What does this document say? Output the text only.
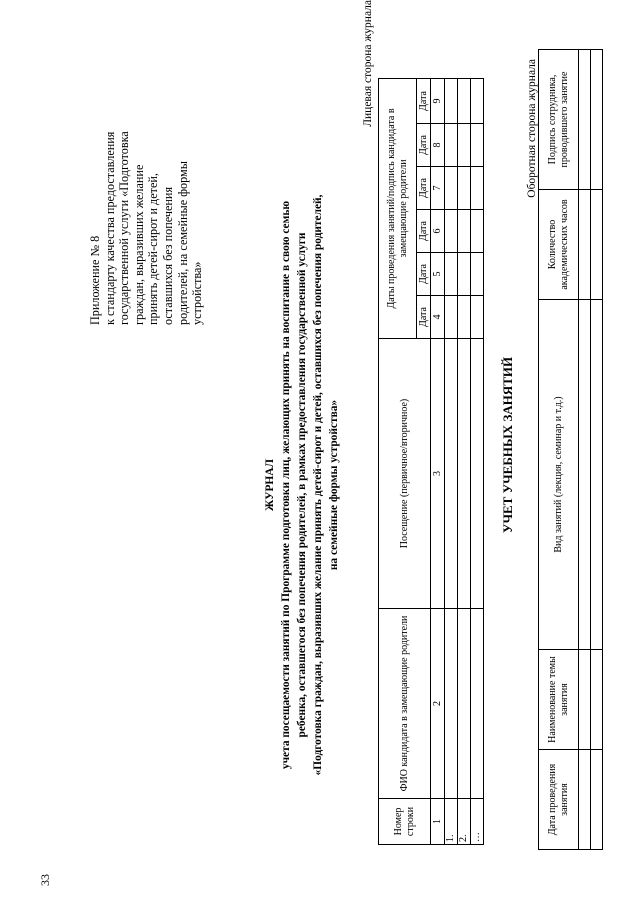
33
Приложение № 8 к стандарту качества предоставления государственной услуги «Подготовка граждан, выразивших желание принять детей-сирот и детей, оставшихся без попечения родителей, на семейные формы устройства»
ЖУРНАЛ учета посещаемости занятий по Программе подготовки лиц, желающих принять на воспитание в свою семью ребенка, оставшегося без попечения родителей, в рамках предоставления государственной услуги «Подготовка граждан, выразивших желание принять детей-сирот и детей, оставшихся без попечения родителей, на семейные формы устройства»
Лицевая сторона журнала
Номер строки	ФИО кандидата в замещающие родители	Посещение (первичное/вторичное)	Даты проведения занятий/подпись кандидата в замещающие родители					
			Дата	Дата	Дата	Дата	Дата	Дата
1	2	3	4	5	6	7	8	9
1.								
2.								
…								
УЧЕТ УЧЕБНЫХ ЗАНЯТИЙ
Оборотная сторона журнала
Дата проведения занятия	Наименование темы занятия	Вид занятий (лекция, семинар и т.д.)	Количество академических часов	Подпись сотрудника, проводившего занятие
